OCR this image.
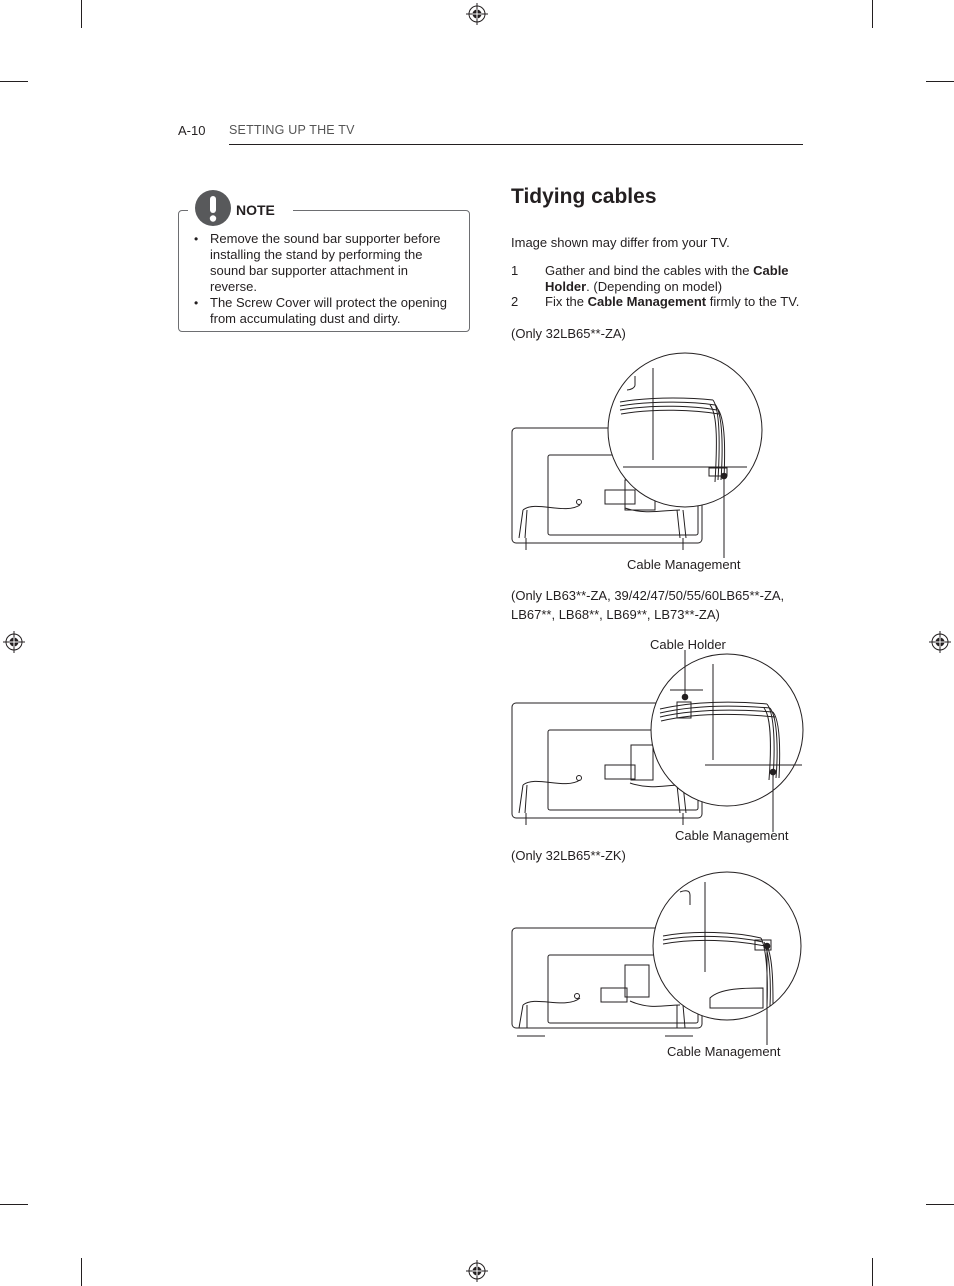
A-10 SETTING UP THE TV
NOTE
• Remove the sound bar supporter before installing the stand by performing the sound bar supporter attachment in reverse.
• The Screw Cover will protect the opening from accumulating dust and dirty.
Tidying cables
Image shown may differ from your TV.
1 Gather and bind the cables with the Cable Holder. (Depending on model)
2 Fix the Cable Management firmly to the TV.
(Only 32LB65**-ZA)
Cable Management
(Only LB63**-ZA, 39/42/47/50/55/60LB65**-ZA, LB67**, LB68**, LB69**, LB73**-ZA)
Cable Holder
Cable Management
(Only 32LB65**-ZK)
Cable Management
